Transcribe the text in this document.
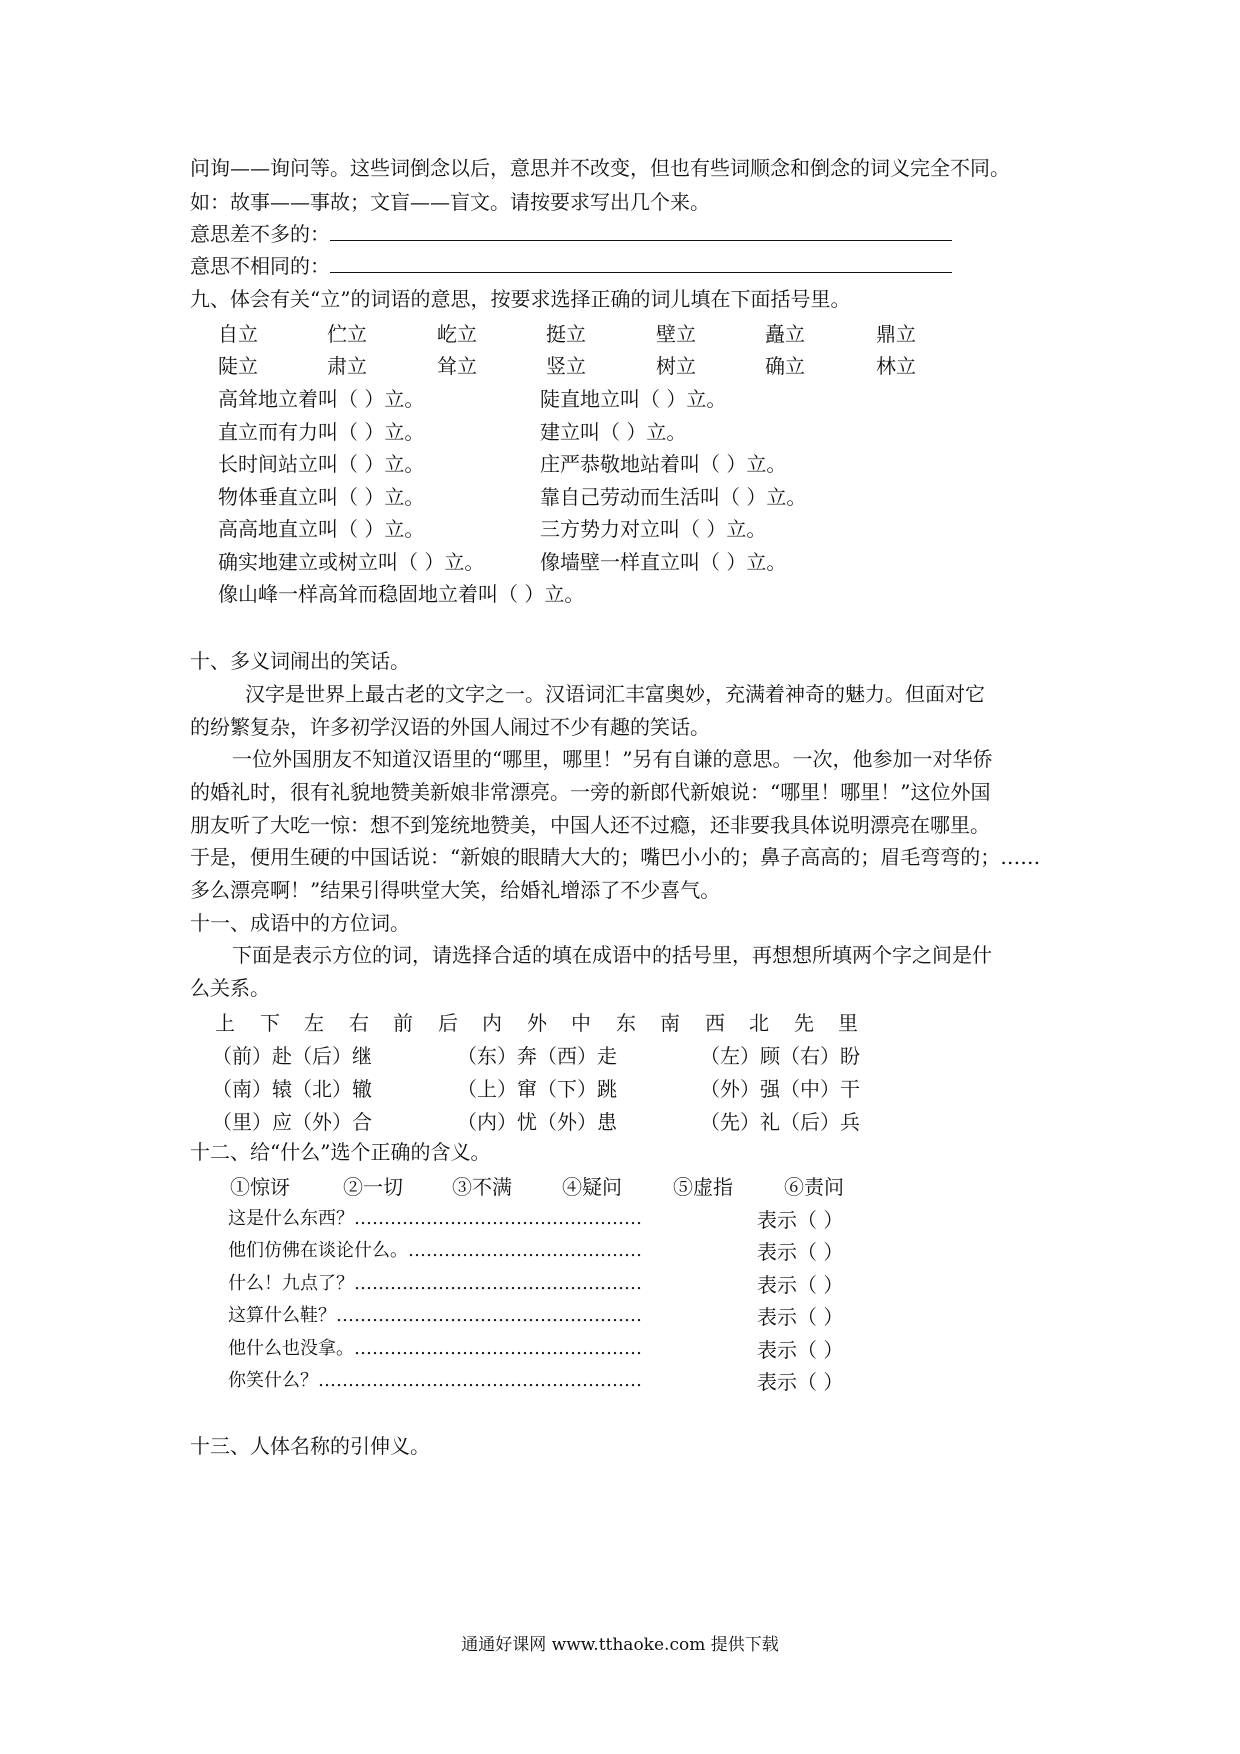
问询——询问等。这些词倒念以后，意思并不改变，但也有些词顺念和倒念的词义完全不同。
如：故事——事故；文盲——盲文。请按要求写出几个来。
意思差不多的：
意思不相同的：
九、体会有关“立”的词语的意思，按要求选择正确的词儿填在下面括号里。
自立	伫立	屹立	挺立	壁立	矗立	鼎立
陡立	肃立	耸立	竖立	树立	确立	林立
高耸地立着叫（ ）立。	陡直地立叫（ ）立。
直立而有力叫（ ）立。	建立叫（ ）立。
长时间站立叫（ ）立。	庄严恭敬地站着叫（ ）立。
物体垂直立叫（ ）立。	靠自己劳动而生活叫（ ）立。
高高地直立叫（ ）立。	三方势力对立叫（ ）立。
确实地建立或树立叫（ ）立。	像墙壁一样直立叫（ ）立。
像山峰一样高耸而稳固地立着叫（ ）立。
十、多义词闹出的笑话。
汉字是世界上最古老的文字之一。汉语词汇丰富奥妙，充满着神奇的魅力。但面对它
的纷繁复杂，许多初学汉语的外国人闹过不少有趣的笑话。
一位外国朋友不知道汉语里的“哪里，哪里！”另有自谦的意思。一次，他参加一对华侨
的婚礼时，很有礼貌地赞美新娘非常漂亮。一旁的新郎代新娘说：“哪里！哪里！”这位外国
朋友听了大吃一惊：想不到笼统地赞美，中国人还不过瘾，还非要我具体说明漂亮在哪里。
于是，便用生硬的中国话说：“新娘的眼睛大大的；嘴巴小小的；鼻子高高的；眉毛弯弯的；……
多么漂亮啊！”结果引得哄堂大笑，给婚礼增添了不少喜气。
十一、成语中的方位词。
下面是表示方位的词，请选择合适的填在成语中的括号里，再想想所填两个字之间是什
么关系。
上 下 左 右 前 后 内 外 中 东 南 西 北 先 里
（前）赴（后）继	（东）奔（西）走	（左）顾（右）盼
（南）辕（北）辙	（上）窜（下）跳	（外）强（中）干
（里）应（外）合	（内）忧（外）患	（先）礼（后）兵
十二、给“什么”选个正确的含义。
①惊讶	②一切 ③不满	④疑问	⑤虚指	⑥责问
这是什么东西？…………………………………………	表示（ ）
他们仿佛在谈论什么。…………………………………	表示（ ）
什么！九点了？…………………………………………	表示（ ）
这算什么鞋？……………………………………………	表示（ ）
他什么也没拿。…………………………………………	表示（ ）
你笑什么？………………………………………………	表示（ ）
十三、人体名称的引伸义。
通通好课网 www.tthaoke.com 提供下载
